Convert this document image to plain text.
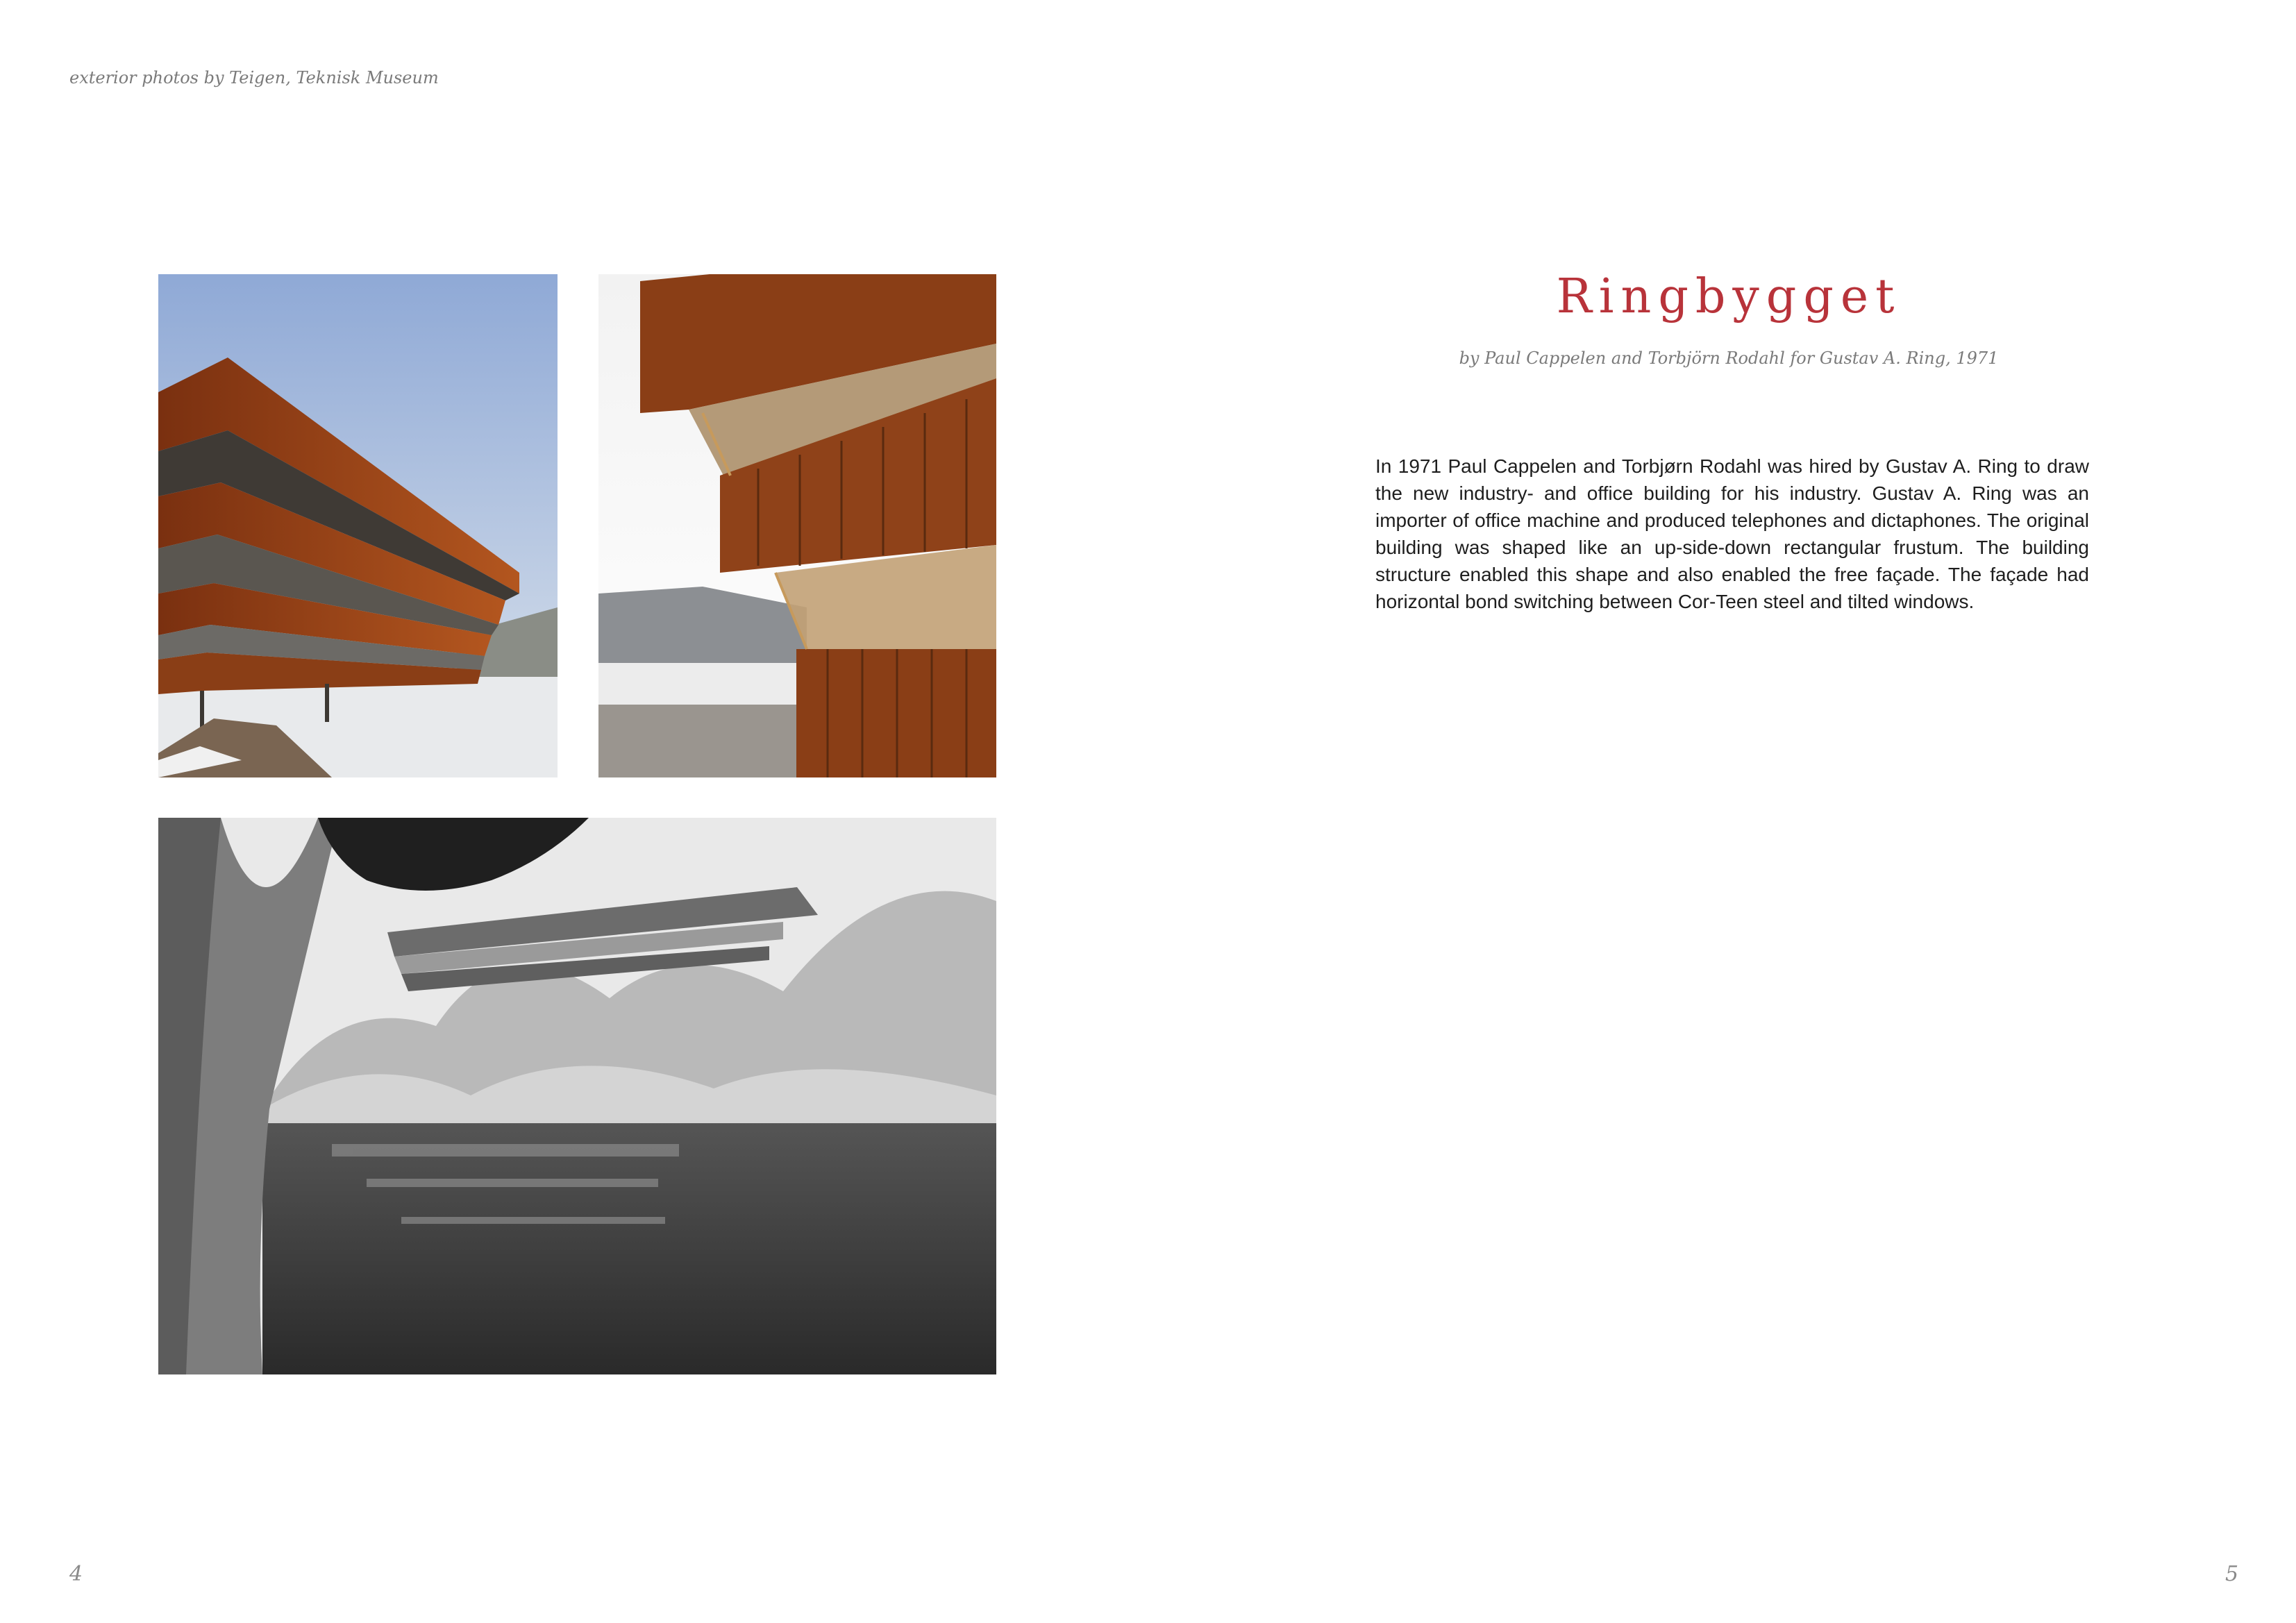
exterior photos by Teigen, Teknisk Museum
Ringbygget
by Paul Cappelen and Torbjörn Rodahl for Gustav A. Ring, 1971

In 1971 Paul Cappelen and Torbjørn Rodahl was hired by Gustav A. Ring to draw the new industry- and office building for his industry. Gustav A. Ring was an importer of office machine and produced telephones and dictaphones. The original building was shaped like an up-side-down rectangular frustum. The building structure enabled this shape and also enabled the free façade. The façade had horizontal bond switching between Cor-Teen steel and tilted windows.

4	5
